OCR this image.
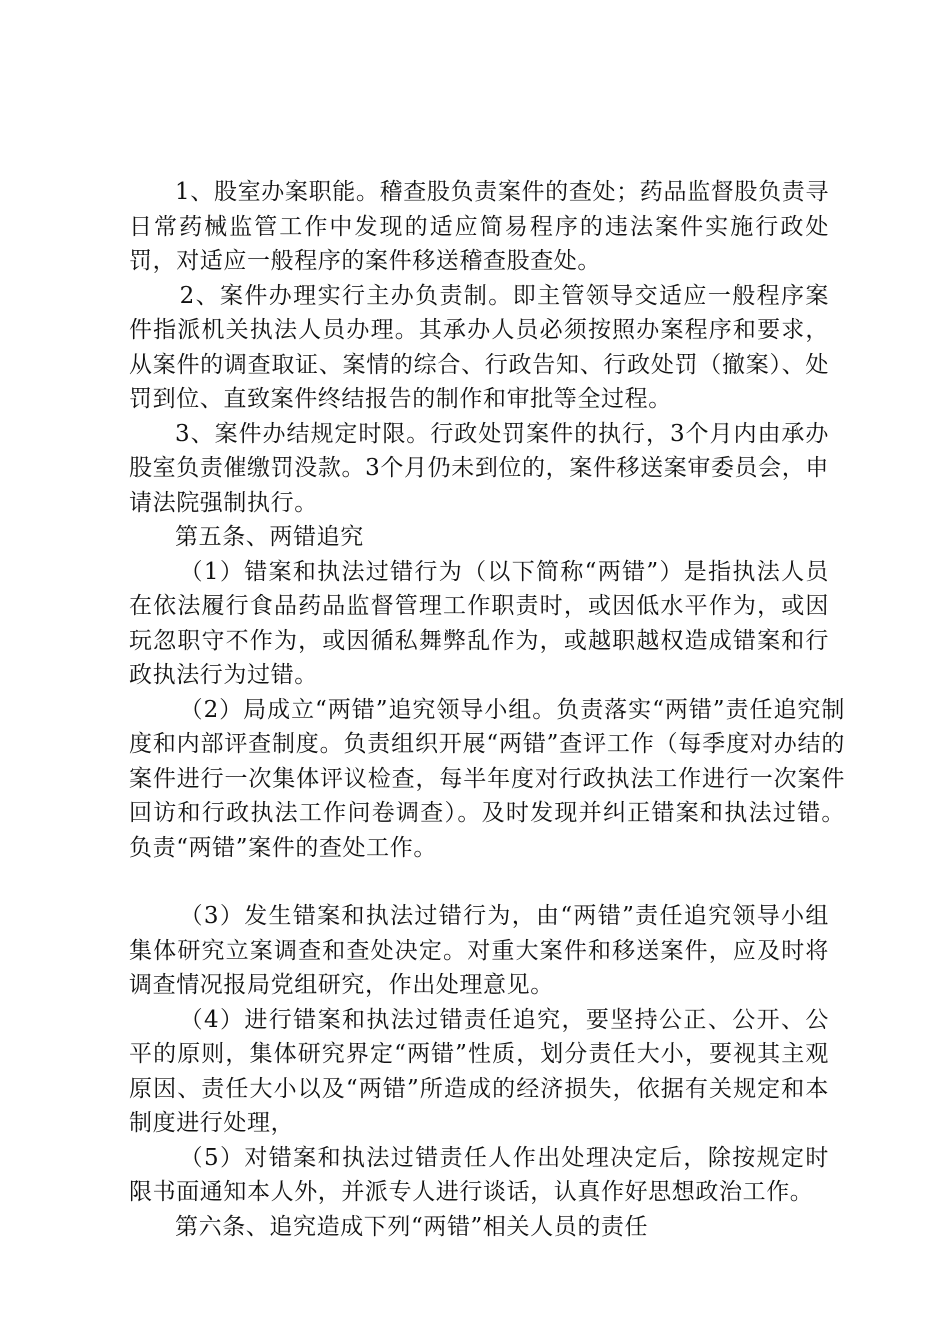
1、股室办案职能。稽查股负责案件的查处；药品监督股负责寻日常药械监管工作中发现的适应简易程序的违法案件实施行政处罚，对适应一般程序的案件移送稽查股查处。

2、案件办理实行主办负责制。即主管领导交适应一般程序案件指派机关执法人员办理。其承办人员必须按照办案程序和要求，从案件的调查取证、案情的综合、行政告知、行政处罚（撤案）、处罚到位、直致案件终结报告的制作和审批等全过程。

3、案件办结规定时限。行政处罚案件的执行，3个月内由承办股室负责催缴罚没款。3个月仍未到位的，案件移送案审委员会，申请法院强制执行。

第五条、两错追究

（1）错案和执法过错行为（以下简称“两错”）是指执法人员在依法履行食品药品监督管理工作职责时，或因低水平作为，或因玩忽职守不作为，或因循私舞弊乱作为，或越职越权造成错案和行政执法行为过错。

（2）局成立“两错”追究领导小组。负责落实“两错”责任追究制度和内部评查制度。负责组织开展“两错”查评工作（每季度对办结的案件进行一次集体评议检查，每半年度对行政执法工作进行一次案件回访和行政执法工作问卷调查）。及时发现并纠正错案和执法过错。负责“两错”案件的查处工作。

（3）发生错案和执法过错行为，由“两错”责任追究领导小组集体研究立案调查和查处决定。对重大案件和移送案件，应及时将调查情况报局党组研究，作出处理意见。

（4）进行错案和执法过错责任追究，要坚持公正、公开、公平的原则，集体研究界定“两错”性质，划分责任大小，要视其主观原因、责任大小以及“两错”所造成的经济损失，依据有关规定和本制度进行处理，

（5）对错案和执法过错责任人作出处理决定后，除按规定时限书面通知本人外，并派专人进行谈话，认真作好思想政治工作。

第六条、追究造成下列“两错”相关人员的责任
